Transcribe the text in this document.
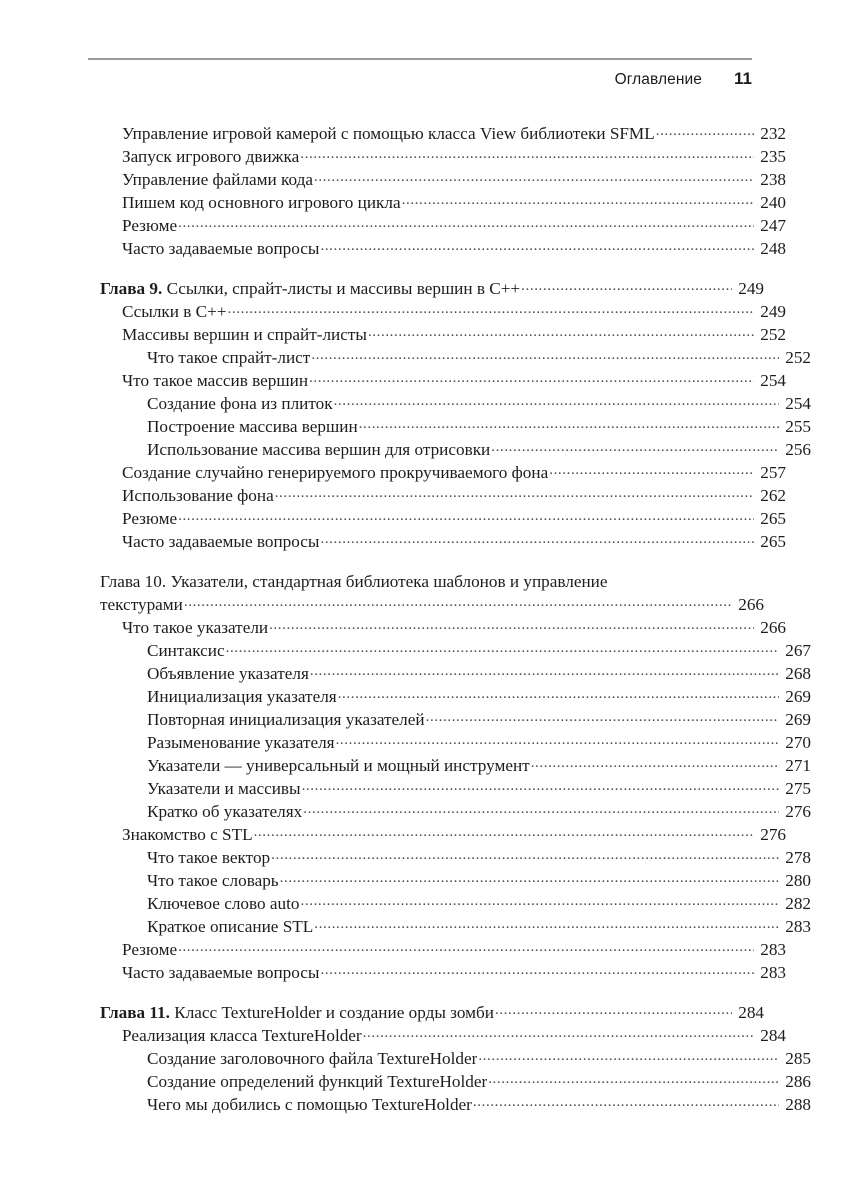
Оглавление	11
Управление игровой камерой с помощью класса View библиотеки SFML .....	232
Запуск игрового движка .....	235
Управление файлами кода .....	238
Пишем код основного игрового цикла .....	240
Резюме .....	247
Часто задаваемые вопросы .....	248
Глава 9. Ссылки, спрайт-листы и массивы вершин в C++ .....	249
Ссылки в C++ .....	249
Массивы вершин и спрайт-листы .....	252
Что такое спрайт-лист .....	252
Что такое массив вершин .....	254
Создание фона из плиток .....	254
Построение массива вершин .....	255
Использование массива вершин для отрисовки .....	256
Создание случайно генерируемого прокручиваемого фона .....	257
Использование фона .....	262
Резюме .....	265
Часто задаваемые вопросы .....	265
Глава 10. Указатели, стандартная библиотека шаблонов и управление
текстурами .....	266
Что такое указатели .....	266
Синтаксис .....	267
Объявление указателя .....	268
Инициализация указателя .....	269
Повторная инициализация указателей .....	269
Разыменование указателя .....	270
Указатели — универсальный и мощный инструмент .....	271
Указатели и массивы .....	275
Кратко об указателях .....	276
Знакомство с STL .....	276
Что такое вектор .....	278
Что такое словарь .....	280
Ключевое слово auto .....	282
Краткое описание STL .....	283
Резюме .....	283
Часто задаваемые вопросы .....	283
Глава 11. Класс TextureHolder и создание орды зомби .....	284
Реализация класса TextureHolder .....	284
Создание заголовочного файла TextureHolder .....	285
Создание определений функций TextureHolder .....	286
Чего мы добились с помощью TextureHolder .....	288
